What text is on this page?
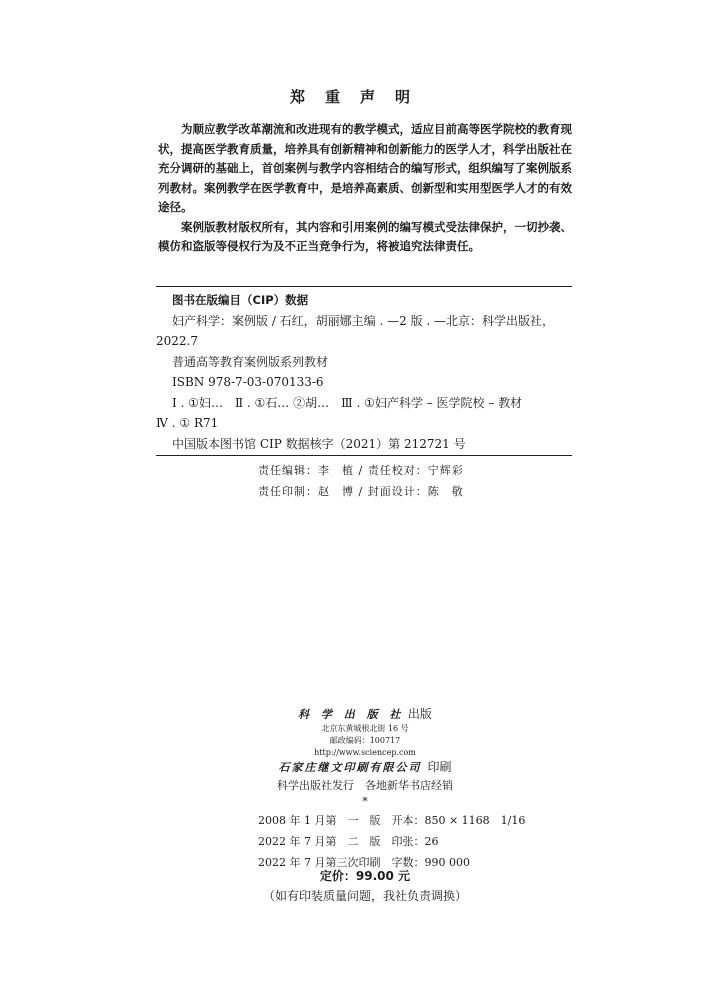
郑重声明

为顺应教学改革潮流和改进现有的教学模式，适应目前高等医学院校的教育现状，提高医学教育质量，培养具有创新精神和创新能力的医学人才，科学出版社在充分调研的基础上，首创案例与教学内容相结合的编写形式，组织编写了案例版系列教材。案例教学在医学教育中，是培养高素质、创新型和实用型医学人才的有效途径。

案例版教材版权所有，其内容和引用案例的编写模式受法律保护，一切抄袭、模仿和盗版等侵权行为及不正当竞争行为，将被追究法律责任。

图书在版编目（CIP）数据
妇产科学：案例版 / 石红，胡丽娜主编 . —2 版 . —北京：科学出版社，
2022.7
普通高等教育案例版系列教材
ISBN 978-7-03-070133-6
Ⅰ . ①妇…　Ⅱ . ①石… ②胡…　Ⅲ . ①妇产科学 – 医学院校 – 教材
Ⅳ . ① R71
中国版本图书馆 CIP 数据核字（2021）第 212721 号
责任编辑：李　植 / 责任校对：宁辉彩
责任印制：赵　博 / 封面设计：陈　敬
科 学 出 版 社 出版
北京东黄城根北街 16 号
邮政编码：100717
http://www.sciencep.com
石家庄继文印刷有限公司 印刷
科学出版社发行　各地新华书店经销
*
2008 年 1 月第　一　版　开本：850 × 1168　1/16
2022 年 7 月第　二　版　印张：26
2022 年 7 月第三次印刷　字数：990 000
定价：99.00 元
（如有印装质量问题，我社负责调换）
